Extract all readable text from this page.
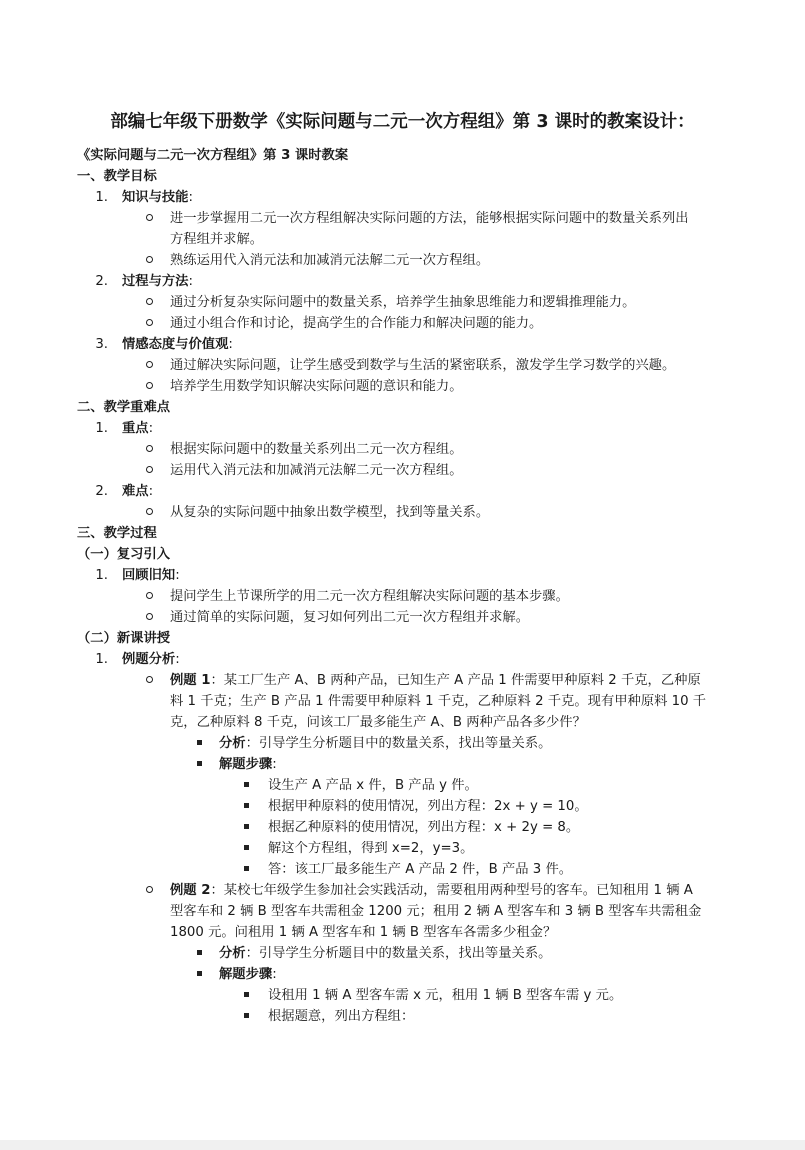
部编七年级下册数学《实际问题与二元一次方程组》第 3 课时的教案设计：
《实际问题与二元一次方程组》第 3 课时教案
一、教学目标
1. 知识与技能:
进一步掌握用二元一次方程组解决实际问题的方法，能够根据实际问题中的数量关系列出
方程组并求解。
熟练运用代入消元法和加减消元法解二元一次方程组。
2. 过程与方法:
通过分析复杂实际问题中的数量关系，培养学生抽象思维能力和逻辑推理能力。
通过小组合作和讨论，提高学生的合作能力和解决问题的能力。
3. 情感态度与价值观:
通过解决实际问题，让学生感受到数学与生活的紧密联系，激发学生学习数学的兴趣。
培养学生用数学知识解决实际问题的意识和能力。
二、教学重难点
1. 重点:
根据实际问题中的数量关系列出二元一次方程组。
运用代入消元法和加减消元法解二元一次方程组。
2. 难点:
从复杂的实际问题中抽象出数学模型，找到等量关系。
三、教学过程
（一）复习引入
1. 回顾旧知:
提问学生上节课所学的用二元一次方程组解决实际问题的基本步骤。
通过简单的实际问题，复习如何列出二元一次方程组并求解。
（二）新课讲授
1. 例题分析:
例题 1：某工厂生产 A、B 两种产品，已知生产 A 产品 1 件需要甲种原料 2 千克，乙种原
料 1 千克；生产 B 产品 1 件需要甲种原料 1 千克，乙种原料 2 千克。现有甲种原料 10 千
克，乙种原料 8 千克，问该工厂最多能生产 A、B 两种产品各多少件？
分析：引导学生分析题目中的数量关系，找出等量关系。
解题步骤:
设生产 A 产品 x 件，B 产品 y 件。
根据甲种原料的使用情况，列出方程：2x + y = 10。
根据乙种原料的使用情况，列出方程：x + 2y = 8。
解这个方程组，得到 x=2，y=3。
答：该工厂最多能生产 A 产品 2 件，B 产品 3 件。
例题 2：某校七年级学生参加社会实践活动，需要租用两种型号的客车。已知租用 1 辆 A
型客车和 2 辆 B 型客车共需租金 1200 元；租用 2 辆 A 型客车和 3 辆 B 型客车共需租金
1800 元。问租用 1 辆 A 型客车和 1 辆 B 型客车各需多少租金？
分析：引导学生分析题目中的数量关系，找出等量关系。
解题步骤:
设租用 1 辆 A 型客车需 x 元，租用 1 辆 B 型客车需 y 元。
根据题意，列出方程组：
